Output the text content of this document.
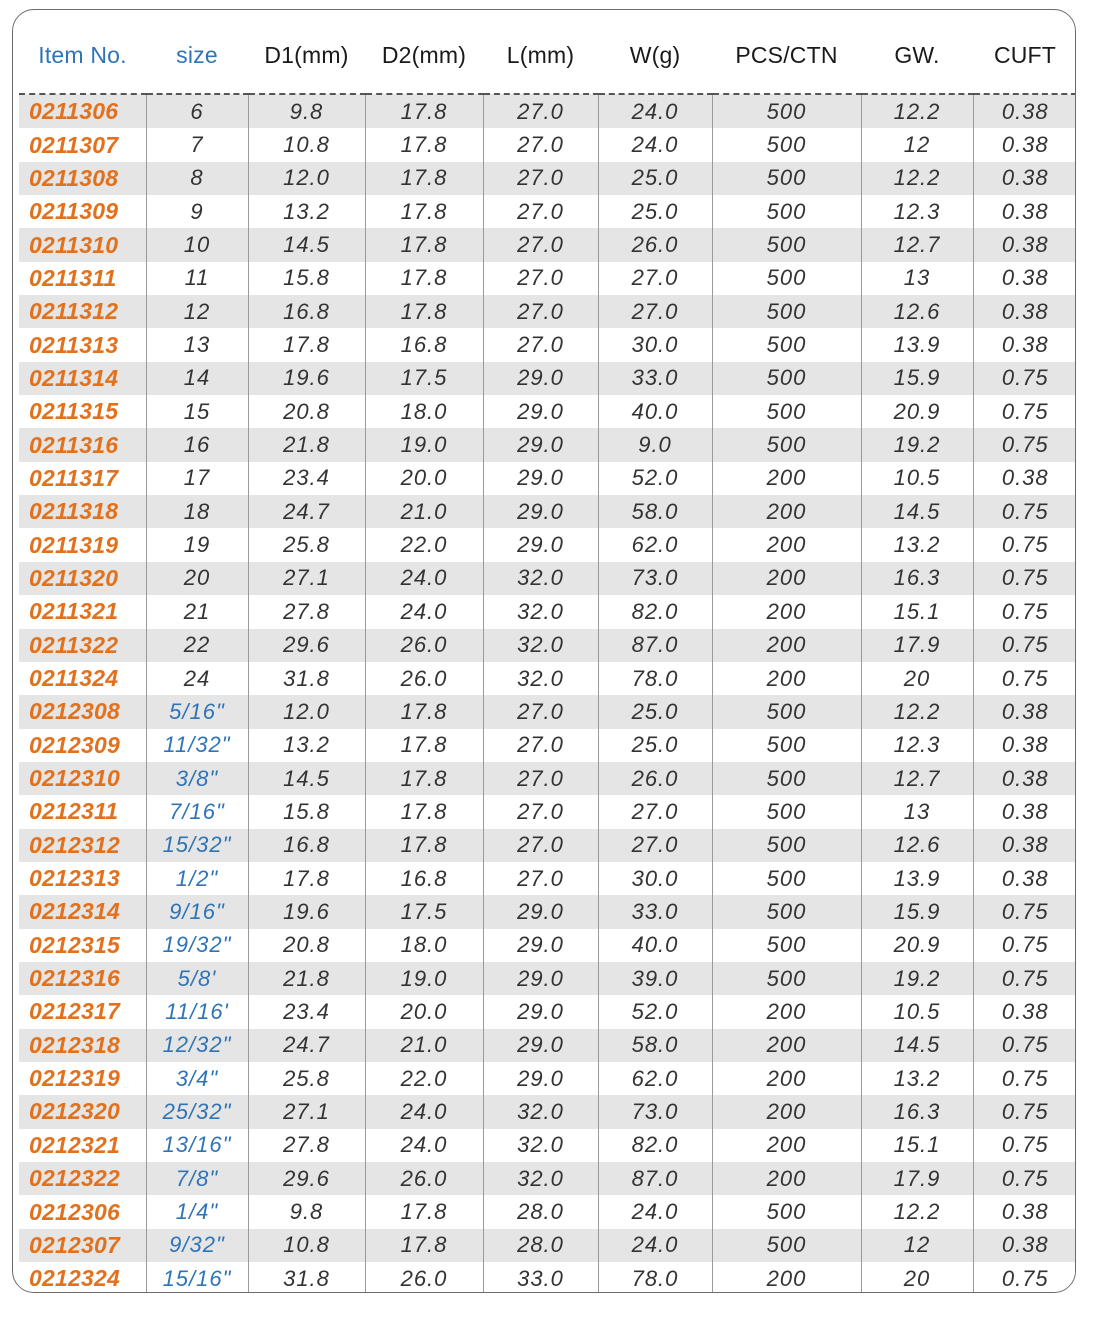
Item No.	size	D1(mm)	D2(mm)	L(mm)	W(g)	PCS/CTN	GW.	CUFT
0211306	6	9.8	17.8	27.0	24.0	500	12.2	0.38
0211307	7	10.8	17.8	27.0	24.0	500	12	0.38
0211308	8	12.0	17.8	27.0	25.0	500	12.2	0.38
0211309	9	13.2	17.8	27.0	25.0	500	12.3	0.38
0211310	10	14.5	17.8	27.0	26.0	500	12.7	0.38
0211311	11	15.8	17.8	27.0	27.0	500	13	0.38
0211312	12	16.8	17.8	27.0	27.0	500	12.6	0.38
0211313	13	17.8	16.8	27.0	30.0	500	13.9	0.38
0211314	14	19.6	17.5	29.0	33.0	500	15.9	0.75
0211315	15	20.8	18.0	29.0	40.0	500	20.9	0.75
0211316	16	21.8	19.0	29.0	9.0	500	19.2	0.75
0211317	17	23.4	20.0	29.0	52.0	200	10.5	0.38
0211318	18	24.7	21.0	29.0	58.0	200	14.5	0.75
0211319	19	25.8	22.0	29.0	62.0	200	13.2	0.75
0211320	20	27.1	24.0	32.0	73.0	200	16.3	0.75
0211321	21	27.8	24.0	32.0	82.0	200	15.1	0.75
0211322	22	29.6	26.0	32.0	87.0	200	17.9	0.75
0211324	24	31.8	26.0	32.0	78.0	200	20	0.75
0212308	5/16"	12.0	17.8	27.0	25.0	500	12.2	0.38
0212309	11/32"	13.2	17.8	27.0	25.0	500	12.3	0.38
0212310	3/8"	14.5	17.8	27.0	26.0	500	12.7	0.38
0212311	7/16"	15.8	17.8	27.0	27.0	500	13	0.38
0212312	15/32"	16.8	17.8	27.0	27.0	500	12.6	0.38
0212313	1/2"	17.8	16.8	27.0	30.0	500	13.9	0.38
0212314	9/16"	19.6	17.5	29.0	33.0	500	15.9	0.75
0212315	19/32"	20.8	18.0	29.0	40.0	500	20.9	0.75
0212316	5/8'	21.8	19.0	29.0	39.0	500	19.2	0.75
0212317	11/16'	23.4	20.0	29.0	52.0	200	10.5	0.38
0212318	12/32"	24.7	21.0	29.0	58.0	200	14.5	0.75
0212319	3/4"	25.8	22.0	29.0	62.0	200	13.2	0.75
0212320	25/32"	27.1	24.0	32.0	73.0	200	16.3	0.75
0212321	13/16"	27.8	24.0	32.0	82.0	200	15.1	0.75
0212322	7/8"	29.6	26.0	32.0	87.0	200	17.9	0.75
0212306	1/4"	9.8	17.8	28.0	24.0	500	12.2	0.38
0212307	9/32"	10.8	17.8	28.0	24.0	500	12	0.38
0212324	15/16"	31.8	26.0	33.0	78.0	200	20	0.75
